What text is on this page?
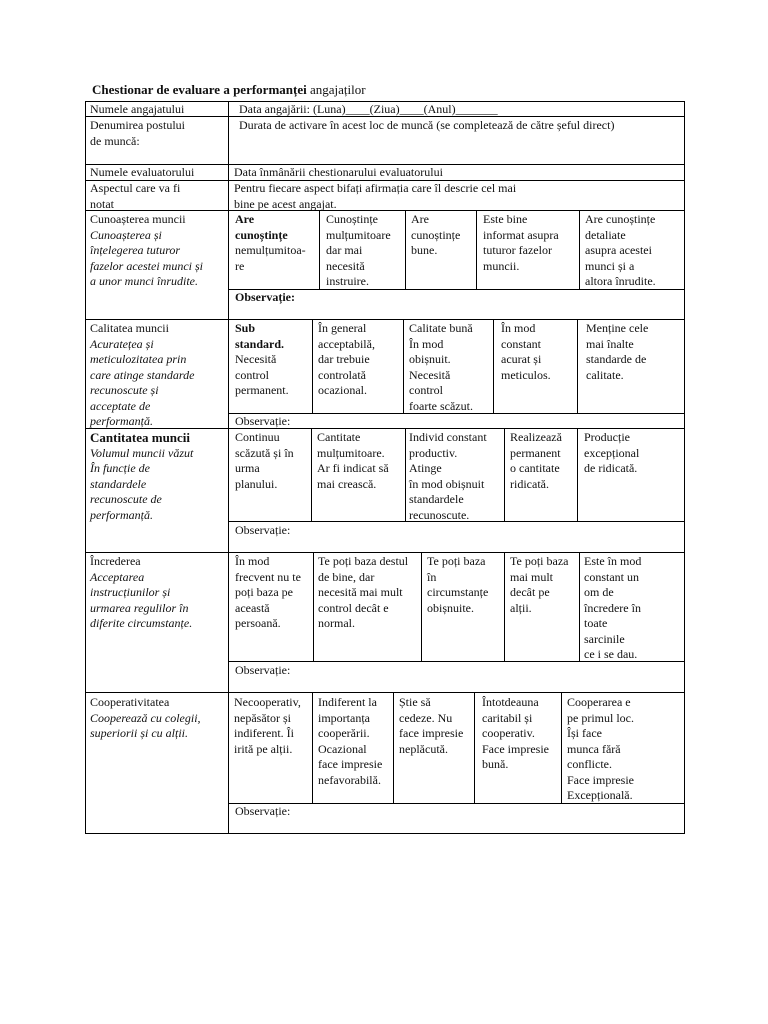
Chestionar de evaluare a performanței angajaților
Numele angajatului	Data angajării: (Luna)____(Ziua)____(Anul)_______
Denumirea postului
de muncă:
Durata de activare în acest loc de muncă (se completează de către șeful direct)
Numele evaluatorului	Data înmânării chestionarului evaluatorului
Aspectul care va fi
notat
Pentru fiecare aspect bifați afirmația care îl descrie cel mai
bine pe acest angajat.
Cunoașterea muncii
Cunoașterea și
înțelegerea tuturor
fazelor acestei munci și
a unor munci înrudite.
Are
cunoștințe
nemulțumitoa-
re
Cunoștințe
mulțumitoare
dar mai
necesită
instruire.
Are
cunoștințe
bune.
Este bine
informat asupra
tuturor fazelor
muncii.
Are cunoștințe
detaliate
asupra acestei
munci și a
altora înrudite.
Observație:
Calitatea muncii
Acuratețea și
meticulozitatea prin
care atinge standarde
recunoscute și
acceptate de
performanță.
Sub
standard.
Necesită
control
permanent.
În general
acceptabilă,
dar trebuie
controlată
ocazional.
Calitate bună
În mod
obișnuit.
Necesită
control
foarte scăzut.
În mod
constant
acurat și
meticulos.
Menține cele
mai înalte
standarde de
calitate.
Observație:
Cantitatea muncii
Volumul muncii văzut
În funcție de
standardele
recunoscute de
performanță.
Continuu
scăzută și în
urma
planului.
Cantitate
mulțumitoare.
Ar fi indicat să
mai crească.
Individ constant
productiv.
Atinge
în mod obișnuit
standardele
recunoscute.
Realizează
permanent
o cantitate
ridicată.
Producție
excepțional
de ridicată.
Observație:
Încrederea
Acceptarea
instrucțiunilor și
urmarea regulilor în
diferite circumstanțe.
În mod
frecvent nu te
poți baza pe
această
persoană.
Te poți baza destul
de bine, dar
necesită mai mult
control decât e
normal.
Te poți baza
în
circumstanțe
obișnuite.
Te poți baza
mai mult
decât pe
alții.
Este în mod
constant un
om de
încredere în
toate
sarcinile
ce i se dau.
Observație:
Cooperativitatea
Cooperează cu colegii,
superiorii și cu alții.
Necooperativ,
nepăsător și
indiferent. Îi
irită pe alții.
Indiferent la
importanța
cooperării.
Ocazional
face impresie
nefavorabilă.
Știe să
cedeze. Nu
face impresie
neplăcută.
Întotdeauna
caritabil și
cooperativ.
Face impresie
bună.
Cooperarea e
pe primul loc.
Își face
munca fără
conflicte.
Face impresie
Excepțională.
Observație:
